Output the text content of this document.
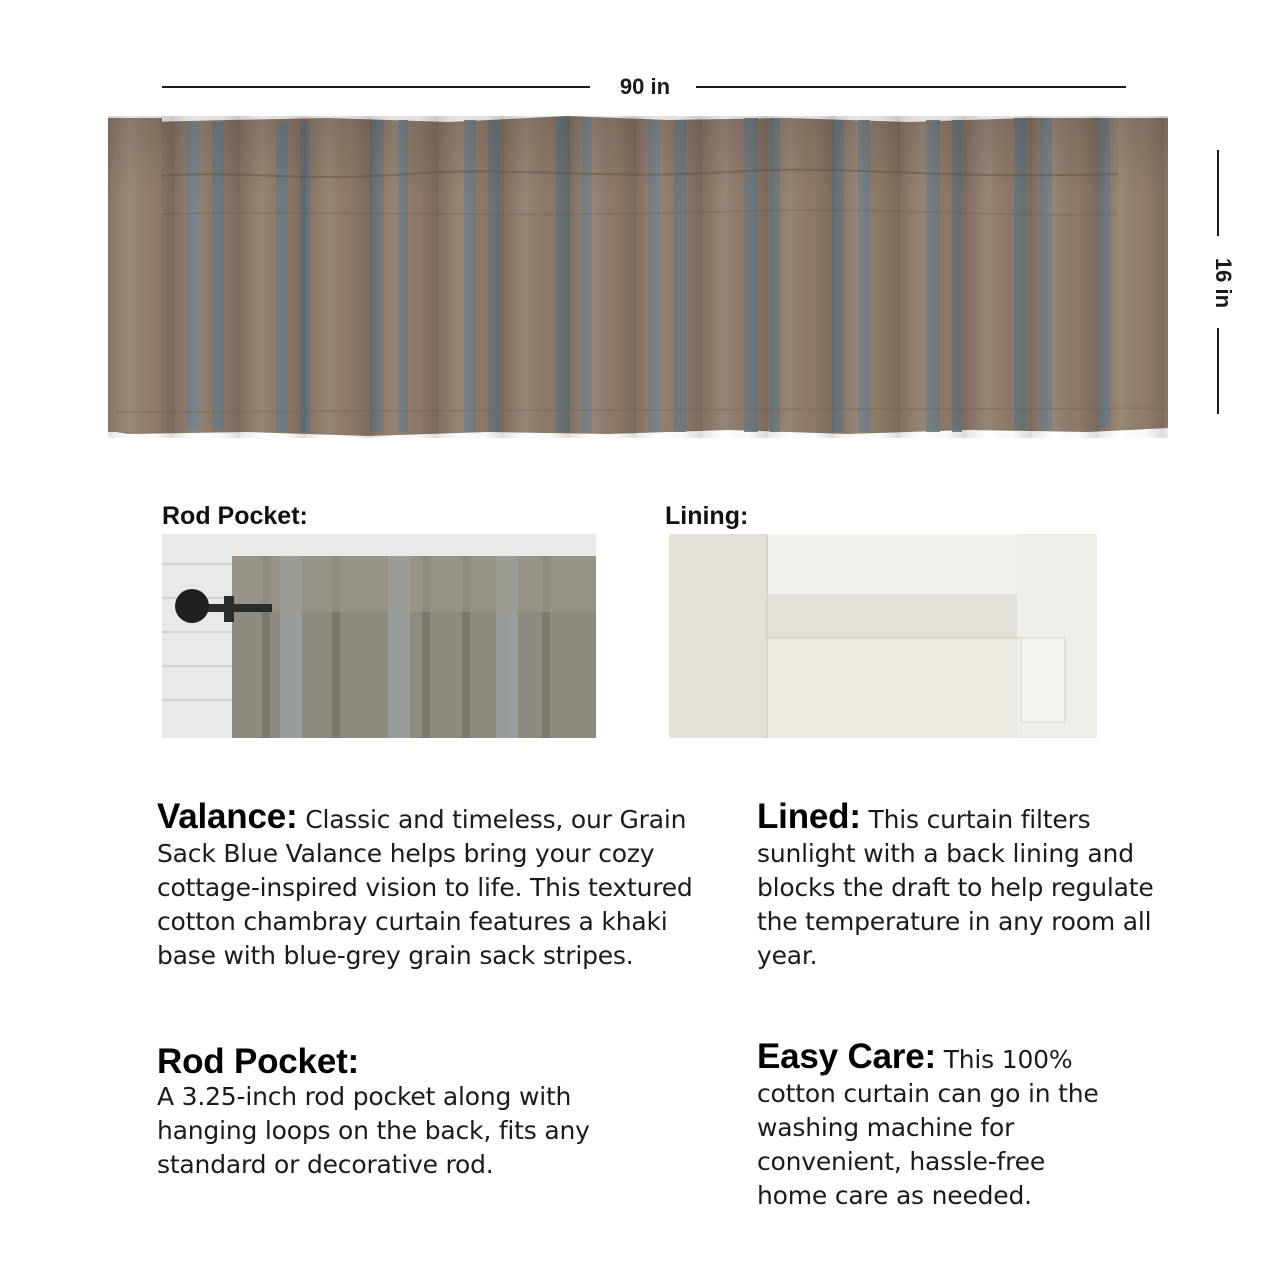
90 in
16 in
Rod Pocket:	Lining:
Valance: Classic and timeless, our Grain Sack Blue Valance helps bring your cozy cottage-inspired vision to life. This textured cotton chambray curtain features a khaki base with blue-grey grain sack stripes.
Lined: This curtain filters sunlight with a back lining and blocks the draft to help regulate the temperature in any room all year.
Rod Pocket:
A 3.25-inch rod pocket along with hanging loops on the back, fits any standard or decorative rod.
Easy Care: This 100% cotton curtain can go in the washing machine for convenient, hassle-free home care as needed.
